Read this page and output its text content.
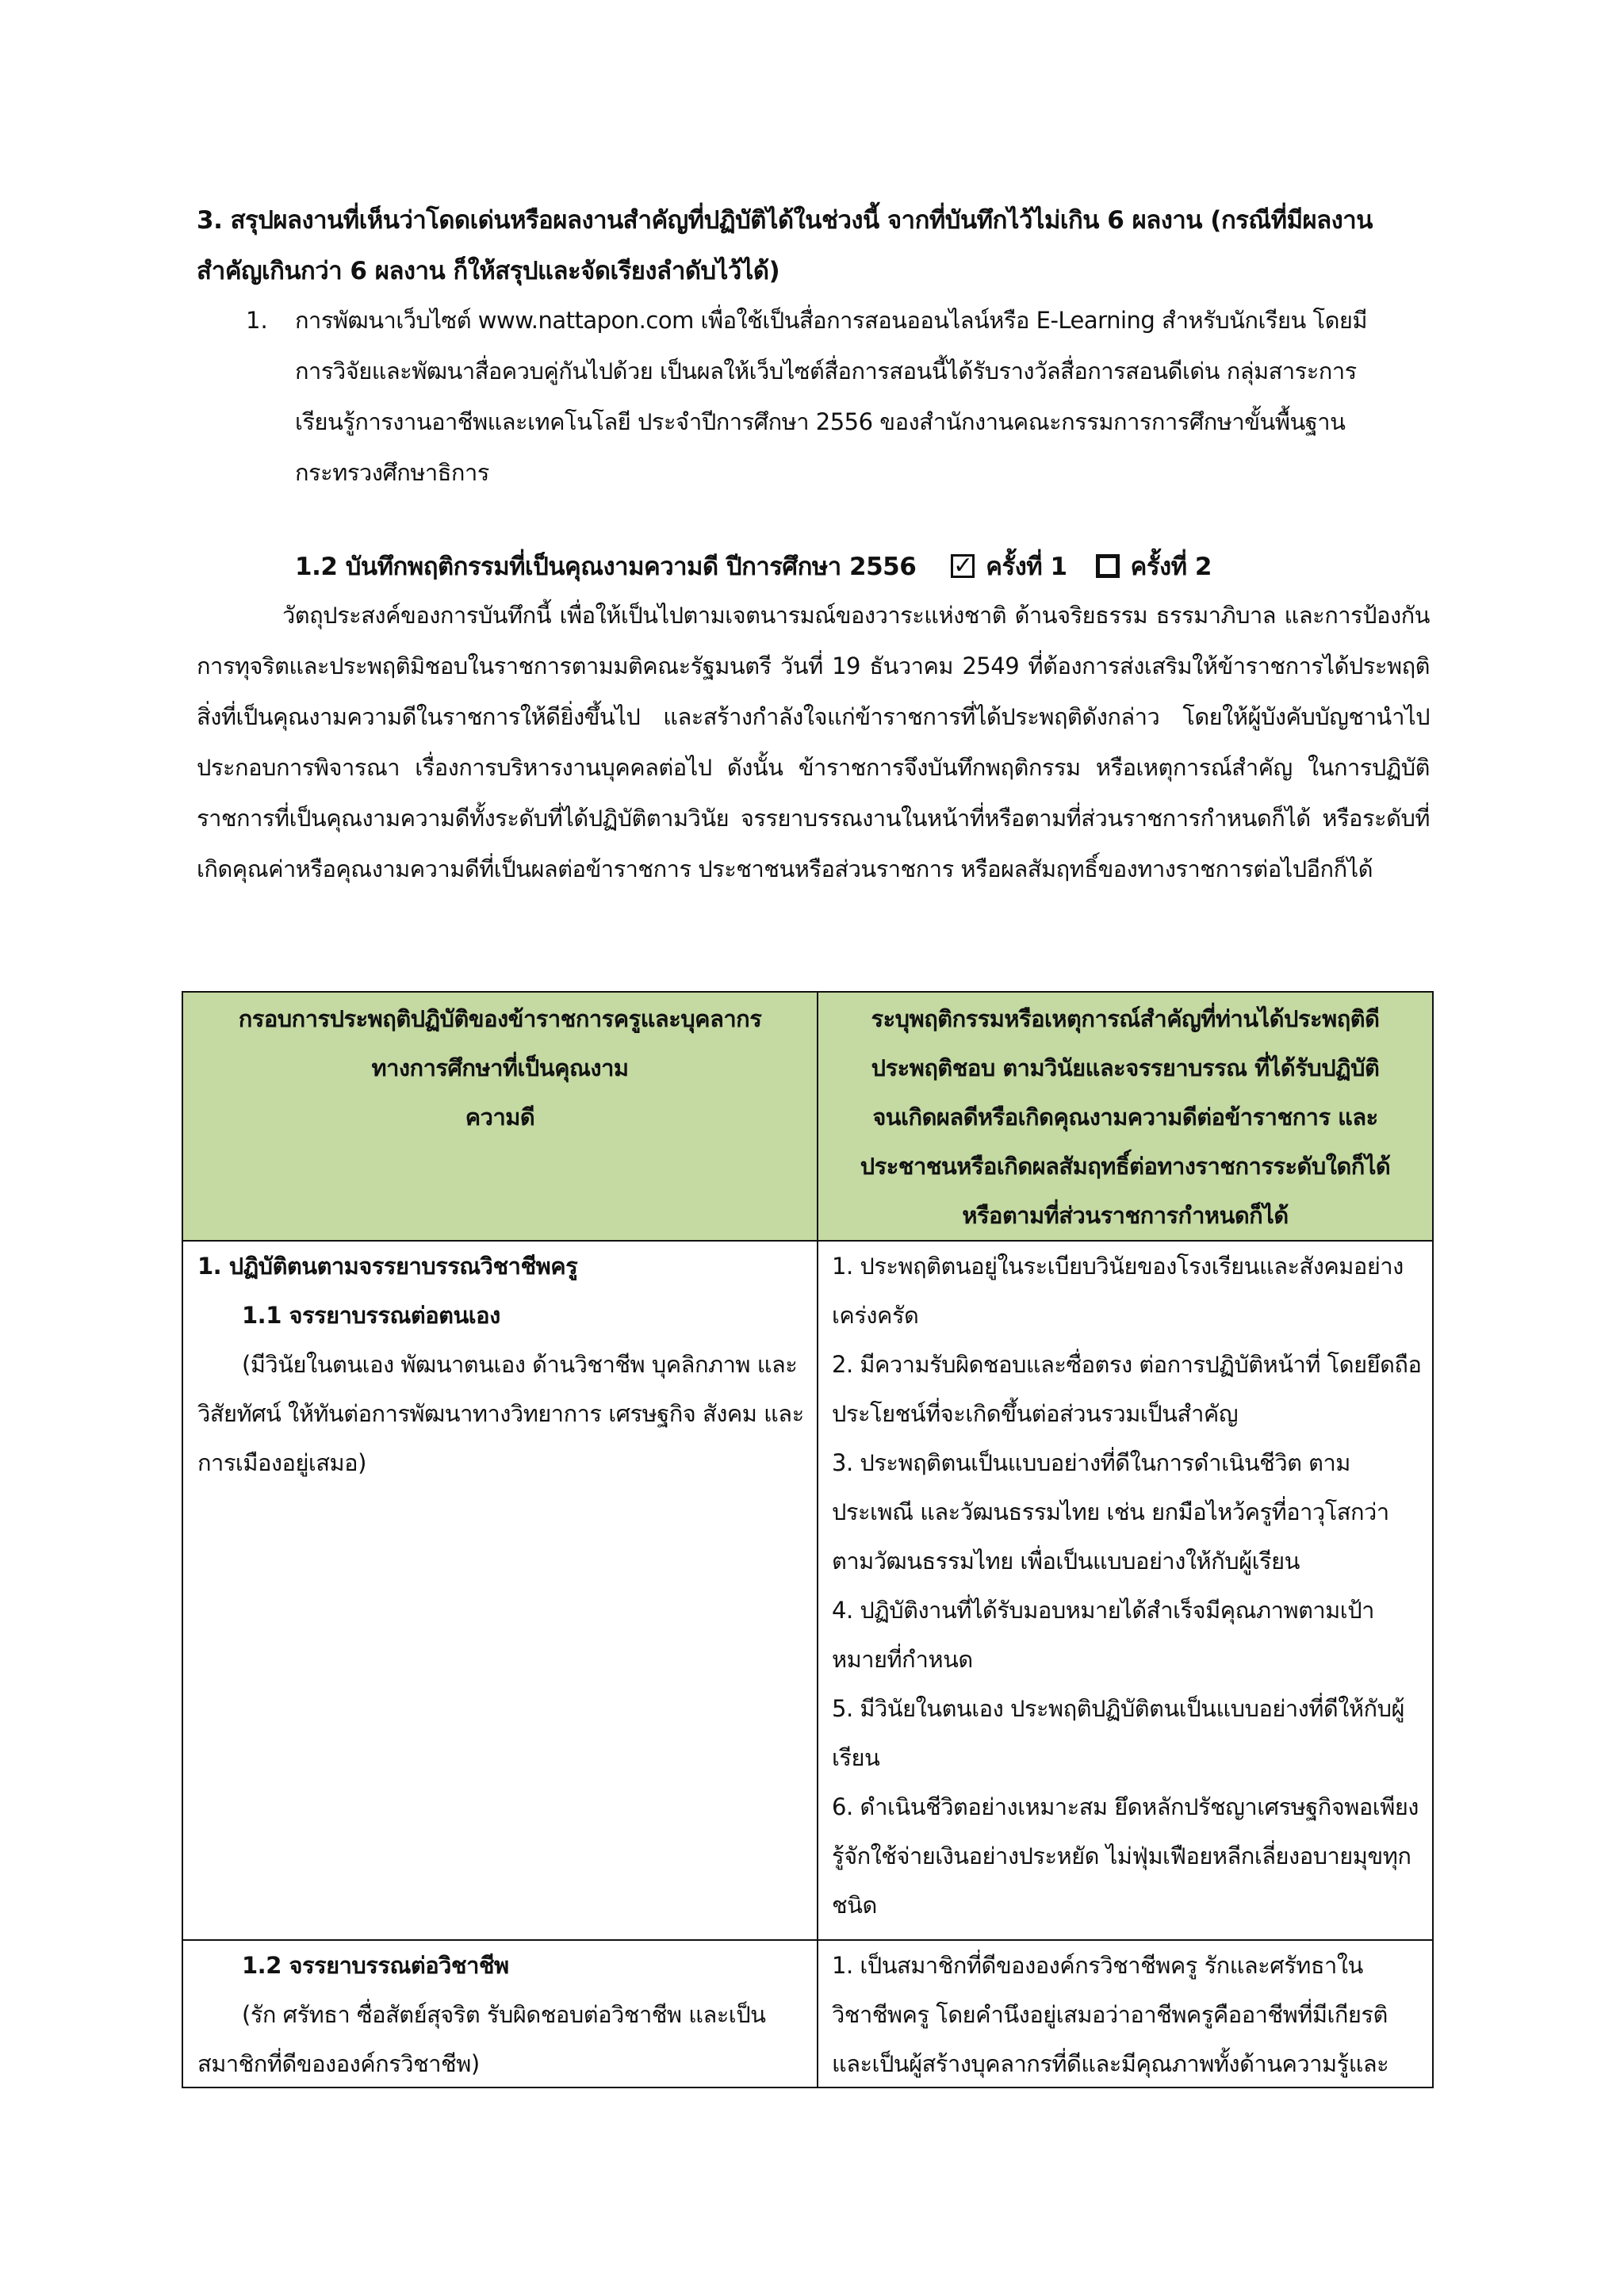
3. สรุปผลงานที่เห็นว่าโดดเด่นหรือผลงานสำคัญที่ปฏิบัติได้ในช่วงนี้ จากที่บันทึกไว้ไม่เกิน 6 ผลงาน (กรณีที่มีผลงานสำคัญเกินกว่า 6 ผลงาน ก็ให้สรุปและจัดเรียงลำดับไว้ได้)
1. การพัฒนาเว็บไซต์ www.nattapon.com เพื่อใช้เป็นสื่อการสอนออนไลน์หรือ E-Learning สำหรับนักเรียน โดยมีการวิจัยและพัฒนาสื่อควบคู่กันไปด้วย เป็นผลให้เว็บไซต์สื่อการสอนนี้ได้รับรางวัลสื่อการสอนดีเด่น กลุ่มสาระการเรียนรู้การงานอาชีพและเทคโนโลยี ประจำปีการศึกษา 2556 ของสำนักงานคณะกรรมการการศึกษาขั้นพื้นฐาน กระทรวงศึกษาธิการ
1.2 บันทึกพฤติกรรมที่เป็นคุณงามความดี ปีการศึกษา 2556 ✓ ครั้งที่ 1	ครั้งที่ 2
วัตถุประสงค์ของการบันทึกนี้ เพื่อให้เป็นไปตามเจตนารมณ์ของวาระแห่งชาติ ด้านจริยธรรม ธรรมาภิบาล และการป้องกันการทุจริตและประพฤติมิชอบในราชการตามมติคณะรัฐมนตรี วันที่ 19 ธันวาคม 2549 ที่ต้องการส่งเสริมให้ข้าราชการได้ประพฤติสิ่งที่เป็นคุณงามความดีในราชการให้ดียิ่งขึ้นไป และสร้างกำลังใจแก่ข้าราชการที่ได้ประพฤติดังกล่าว โดยให้ผู้บังคับบัญชานำไปประกอบการพิจารณา เรื่องการบริหารงานบุคคลต่อไป ดังนั้น ข้าราชการจึงบันทึกพฤติกรรม หรือเหตุการณ์สำคัญ ในการปฏิบัติราชการที่เป็นคุณงามความดีทั้งระดับที่ได้ปฏิบัติตามวินัย จรรยาบรรณงานในหน้าที่หรือตามที่ส่วนราชการกำหนดก็ได้ หรือระดับที่เกิดคุณค่าหรือคุณงามความดีที่เป็นผลต่อข้าราชการ ประชาชนหรือส่วนราชการ หรือผลสัมฤทธิ์ของทางราชการต่อไปอีกก็ได้
กรอบการประพฤติปฏิบัติของข้าราชการครูและบุคลากร
ทางการศึกษาที่เป็นคุณงาม
ความดี
ระบุพฤติกรรมหรือเหตุการณ์สำคัญที่ท่านได้ประพฤติดี
ประพฤติชอบ ตามวินัยและจรรยาบรรณ ที่ได้รับปฏิบัติ
จนเกิดผลดีหรือเกิดคุณงามความดีต่อข้าราชการ และ
ประชาชนหรือเกิดผลสัมฤทธิ์ต่อทางราชการระดับใดก็ได้
หรือตามที่ส่วนราชการกำหนดก็ได้
1. ปฏิบัติตนตามจรรยาบรรณวิชาชีพครู
1.1 จรรยาบรรณต่อตนเอง
(มีวินัยในตนเอง พัฒนาตนเอง ด้านวิชาชีพ บุคลิกภาพ และวิสัยทัศน์ ให้ทันต่อการพัฒนาทางวิทยาการ เศรษฐกิจ สังคม และการเมืองอยู่เสมอ)
1. ประพฤติตนอยู่ในระเบียบวินัยของโรงเรียนและสังคมอย่างเคร่งครัด
2. มีความรับผิดชอบและซื่อตรง ต่อการปฏิบัติหน้าที่ โดยยึดถือประโยชน์ที่จะเกิดขึ้นต่อส่วนรวมเป็นสำคัญ
3. ประพฤติตนเป็นแบบอย่างที่ดีในการดำเนินชีวิต ตามประเพณี และวัฒนธรรมไทย เช่น ยกมือไหว้ครูที่อาวุโสกว่าตามวัฒนธรรมไทย เพื่อเป็นแบบอย่างให้กับผู้เรียน
4. ปฏิบัติงานที่ได้รับมอบหมายได้สำเร็จมีคุณภาพตามเป้าหมายที่กำหนด
5. มีวินัยในตนเอง ประพฤติปฏิบัติตนเป็นแบบอย่างที่ดีให้กับผู้เรียน
6. ดำเนินชีวิตอย่างเหมาะสม ยึดหลักปรัชญาเศรษฐกิจพอเพียง รู้จักใช้จ่ายเงินอย่างประหยัด ไม่ฟุ่มเฟือยหลีกเลี่ยงอบายมุขทุกชนิด
1.2 จรรยาบรรณต่อวิชาชีพ
(รัก ศรัทธา ซื่อสัตย์สุจริต รับผิดชอบต่อวิชาชีพ และเป็นสมาชิกที่ดีขององค์กรวิชาชีพ)
1. เป็นสมาชิกที่ดีขององค์กรวิชาชีพครู รักและศรัทธาในวิชาชีพครู โดยคำนึงอยู่เสมอว่าอาชีพครูคืออาชีพที่มีเกียรติและเป็นผู้สร้างบุคลากรที่ดีและมีคุณภาพทั้งด้านความรู้และ
